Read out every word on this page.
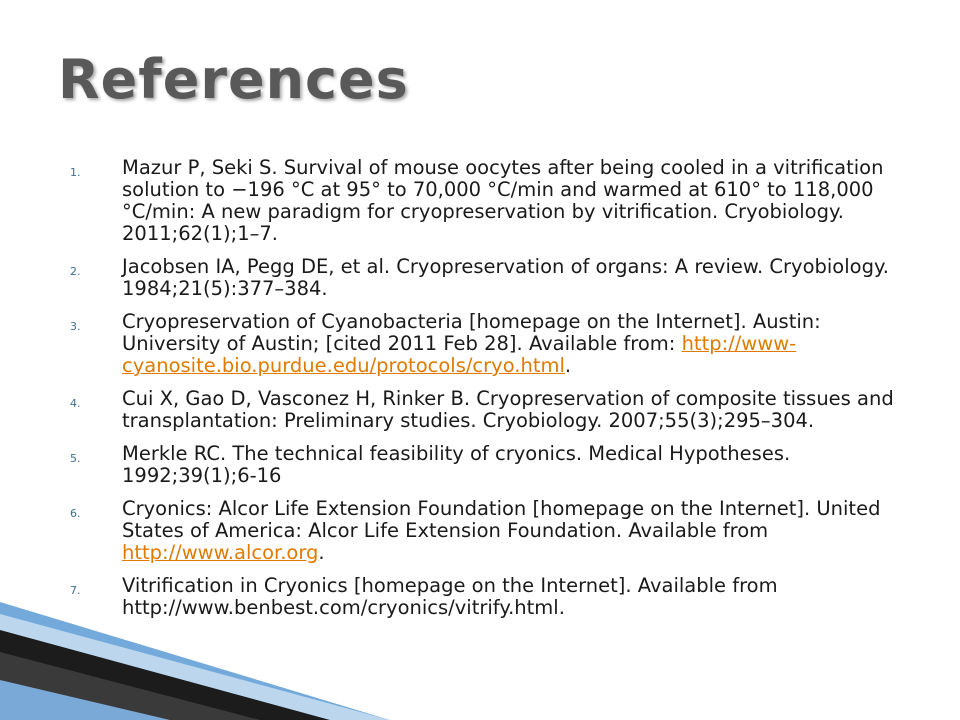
References
1. Mazur P, Seki S. Survival of mouse oocytes after being cooled in a vitrification solution to −196 °C at 95° to 70,000 °C/min and warmed at 610° to 118,000 °C/min: A new paradigm for cryopreservation by vitrification. Cryobiology. 2011;62(1);1–7.
2. Jacobsen IA, Pegg DE, et al. Cryopreservation of organs: A review. Cryobiology. 1984;21(5):377–384.
3. Cryopreservation of Cyanobacteria [homepage on the Internet]. Austin: University of Austin; [cited 2011 Feb 28]. Available from: http://www-cyanosite.bio.purdue.edu/protocols/cryo.html.
4. Cui X, Gao D, Vasconez H, Rinker B. Cryopreservation of composite tissues and transplantation: Preliminary studies. Cryobiology. 2007;55(3);295–304.
5. Merkle RC. The technical feasibility of cryonics. Medical Hypotheses. 1992;39(1);6-16
6. Cryonics: Alcor Life Extension Foundation [homepage on the Internet]. United States of America: Alcor Life Extension Foundation. Available from http://www.alcor.org.
7. Vitrification in Cryonics [homepage on the Internet]. Available from http://www.benbest.com/cryonics/vitrify.html.
